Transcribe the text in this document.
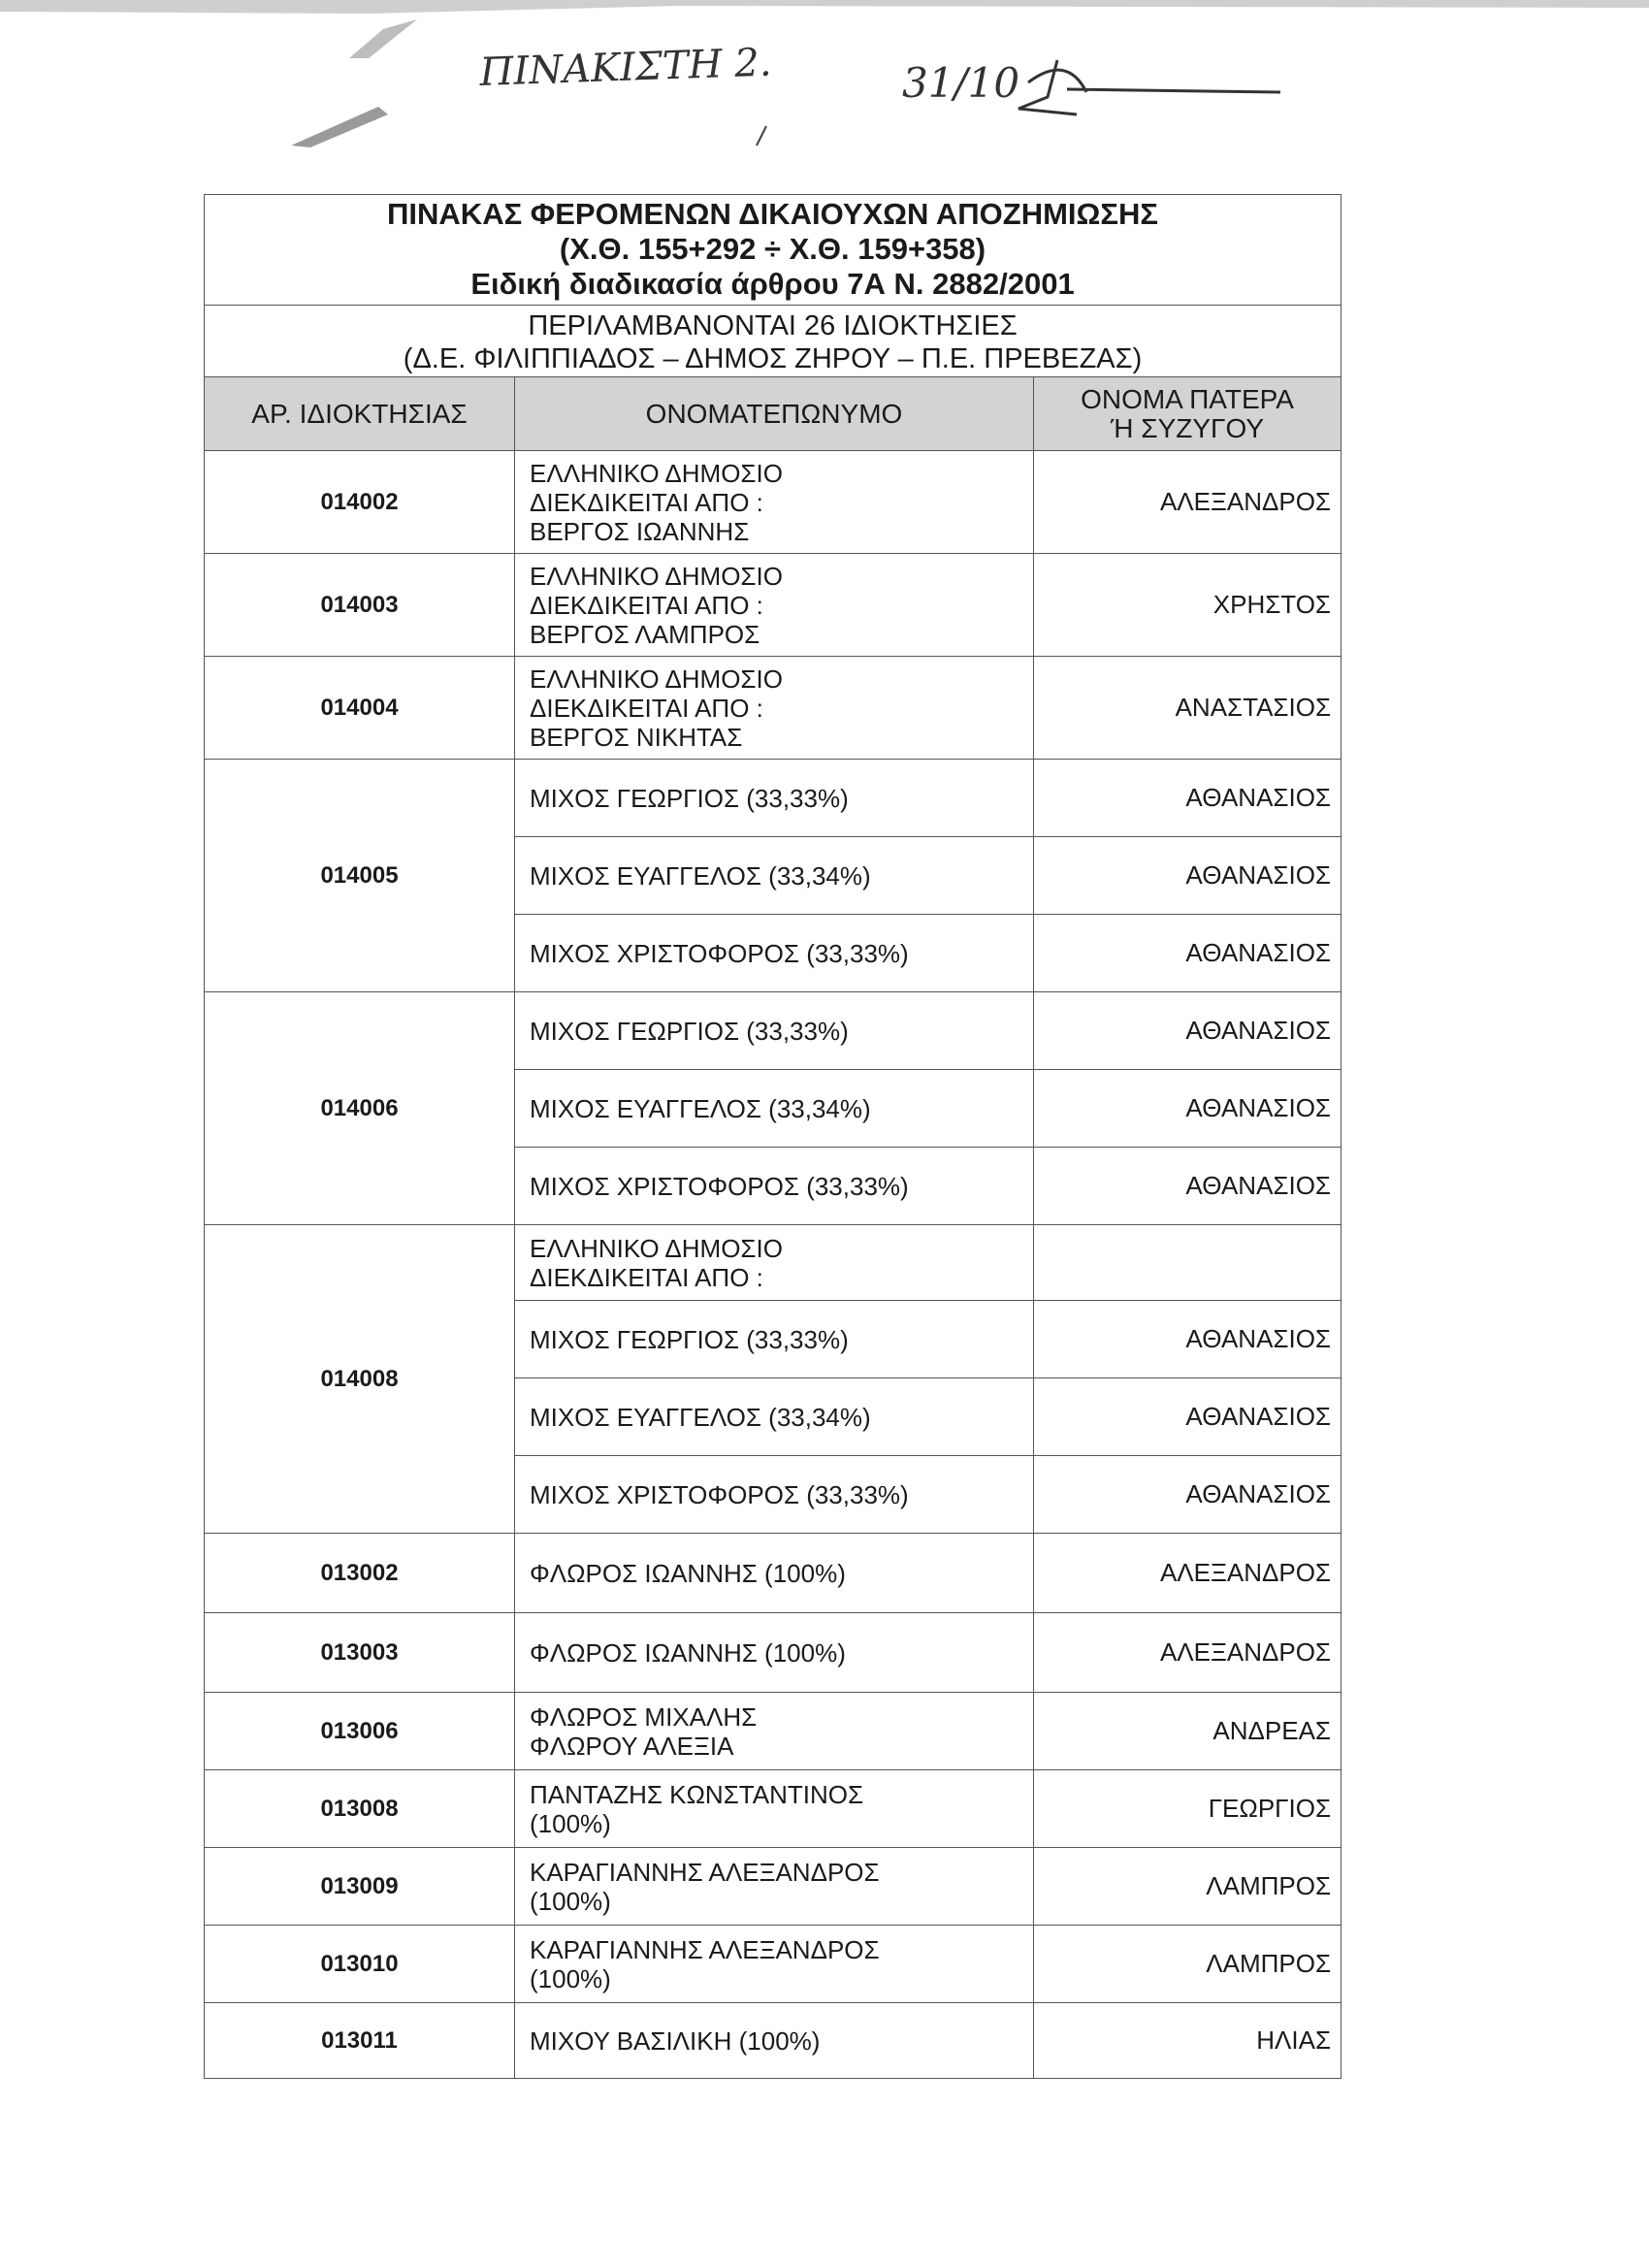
ΠΙΝΑΚΙΣΤΗ 2.	31/10
ΠΙΝΑΚΑΣ ΦΕΡΟΜΕΝΩΝ ΔΙΚΑΙΟΥΧΩΝ ΑΠΟΖΗΜΙΩΣΗΣ
(Χ.Θ. 155+292 ÷ Χ.Θ. 159+358)
Ειδική διαδικασία άρθρου 7Α Ν. 2882/2001		

ΠΕΡΙΛΑΜΒΑΝΟΝΤΑΙ 26 ΙΔΙΟΚΤΗΣΙΕΣ
(Δ.Ε. ΦΙΛΙΠΠΙΑΔΟΣ – ΔΗΜΟΣ ΖΗΡΟΥ – Π.Ε. ΠΡΕΒΕΖΑΣ)		

ΑΡ. ΙΔΙΟΚΤΗΣΙΑΣ	ΟΝΟΜΑΤΕΠΩΝΥΜΟ	ΟΝΟΜΑ ΠΑΤΕΡΑ
Ή ΣΥΖΥΓΟΥ

014002	ΕΛΛΗΝΙΚΟ ΔΗΜΟΣΙΟ
ΔΙΕΚΔΙΚΕΙΤΑΙ ΑΠΟ :
ΒΕΡΓΟΣ ΙΩΑΝΝΗΣ	ΑΛΕΞΑΝΔΡΟΣ
014003	ΕΛΛΗΝΙΚΟ ΔΗΜΟΣΙΟ
ΔΙΕΚΔΙΚΕΙΤΑΙ ΑΠΟ :
ΒΕΡΓΟΣ ΛΑΜΠΡΟΣ	ΧΡΗΣΤΟΣ
014004	ΕΛΛΗΝΙΚΟ ΔΗΜΟΣΙΟ
ΔΙΕΚΔΙΚΕΙΤΑΙ ΑΠΟ :
ΒΕΡΓΟΣ ΝΙΚΗΤΑΣ	ΑΝΑΣΤΑΣΙΟΣ
014005	ΜΙΧΟΣ ΓΕΩΡΓΙΟΣ (33,33%)	ΑΘΑΝΑΣΙΟΣ
	ΜΙΧΟΣ ΕΥΑΓΓΕΛΟΣ (33,34%)	ΑΘΑΝΑΣΙΟΣ
	ΜΙΧΟΣ ΧΡΙΣΤΟΦΟΡΟΣ (33,33%)	ΑΘΑΝΑΣΙΟΣ
014006	ΜΙΧΟΣ ΓΕΩΡΓΙΟΣ (33,33%)	ΑΘΑΝΑΣΙΟΣ
	ΜΙΧΟΣ ΕΥΑΓΓΕΛΟΣ (33,34%)	ΑΘΑΝΑΣΙΟΣ
	ΜΙΧΟΣ ΧΡΙΣΤΟΦΟΡΟΣ (33,33%)	ΑΘΑΝΑΣΙΟΣ
014008	ΕΛΛΗΝΙΚΟ ΔΗΜΟΣΙΟ
ΔΙΕΚΔΙΚΕΙΤΑΙ ΑΠΟ :	

	ΜΙΧΟΣ ΓΕΩΡΓΙΟΣ (33,33%)	ΑΘΑΝΑΣΙΟΣ
	ΜΙΧΟΣ ΕΥΑΓΓΕΛΟΣ (33,34%)	ΑΘΑΝΑΣΙΟΣ
	ΜΙΧΟΣ ΧΡΙΣΤΟΦΟΡΟΣ (33,33%)	ΑΘΑΝΑΣΙΟΣ
013002	ΦΛΩΡΟΣ ΙΩΑΝΝΗΣ (100%)	ΑΛΕΞΑΝΔΡΟΣ
013003	ΦΛΩΡΟΣ ΙΩΑΝΝΗΣ (100%)	ΑΛΕΞΑΝΔΡΟΣ
013006	ΦΛΩΡΟΣ ΜΙΧΑΛΗΣ
ΦΛΩΡΟΥ ΑΛΕΞΙΑ	ΑΝΔΡΕΑΣ
013008	ΠΑΝΤΑΖΗΣ ΚΩΝΣΤΑΝΤΙΝΟΣ
(100%)	ΓΕΩΡΓΙΟΣ
013009	ΚΑΡΑΓΙΑΝΝΗΣ ΑΛΕΞΑΝΔΡΟΣ
(100%)	ΛΑΜΠΡΟΣ
013010	ΚΑΡΑΓΙΑΝΝΗΣ ΑΛΕΞΑΝΔΡΟΣ
(100%)	ΛΑΜΠΡΟΣ
013011	ΜΙΧΟΥ ΒΑΣΙΛΙΚΗ (100%)	ΗΛΙΑΣ
